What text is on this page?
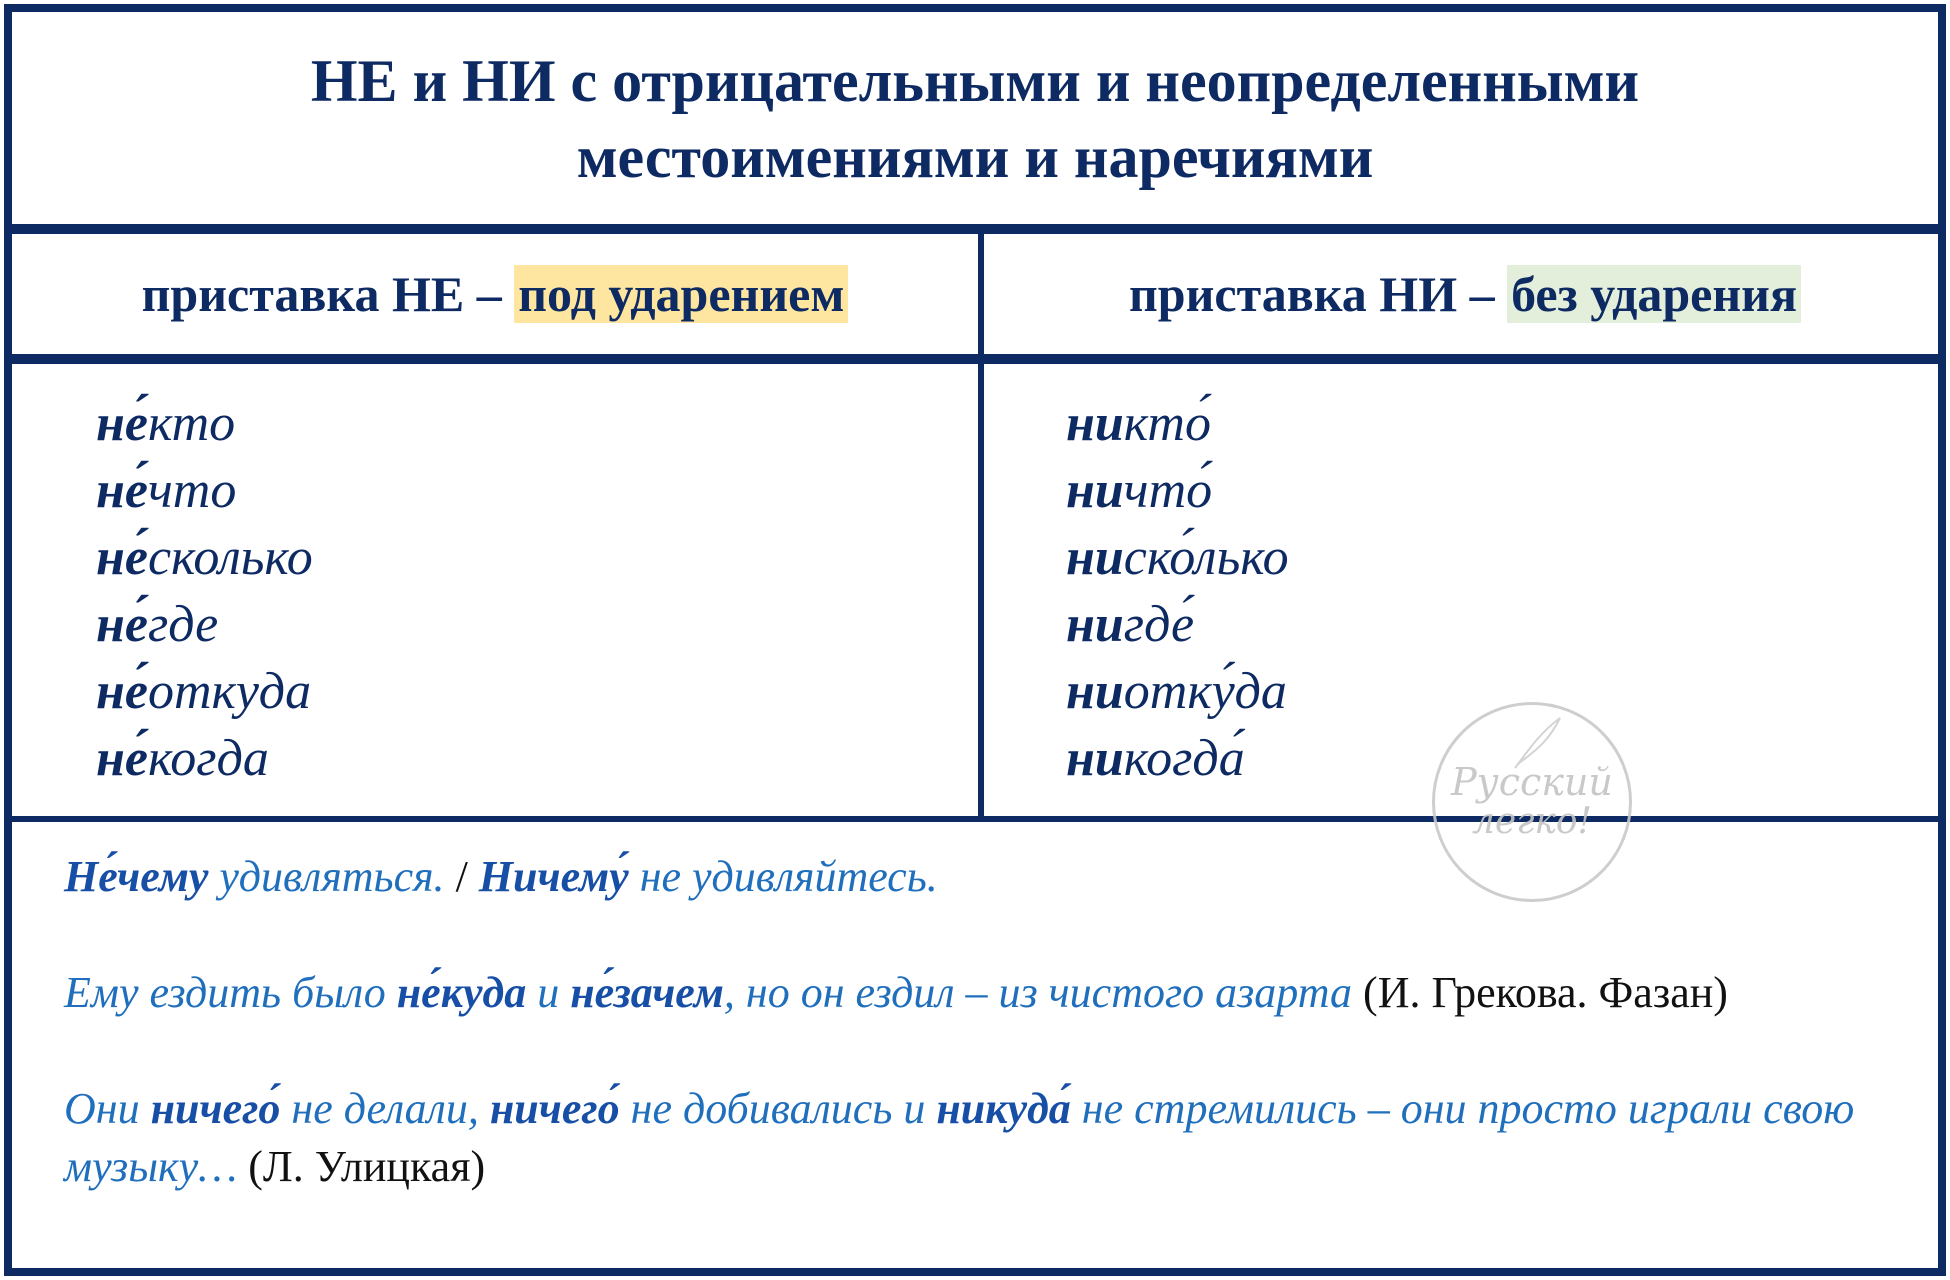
НЕ и НИ с отрицательными и неопределенными
местоимениями и наречиями
приставка НЕ – под ударением	приставка НИ – без ударения
не́кто
не́что
не́сколько
не́где
не́откуда
не́когда
никто́
ничто́
ниско́лько
нигде́
ниотку́да
никогда́	Русский
легко!

Не́чему удивляться. / Ничему́ не удивляйтесь.

Ему ездить было не́куда и не́зачем, но он ездил – из чистого азарта (И. Грекова. Фазан)

Они ничего́ не делали, ничего́ не добивались и никуда́ не стремились – они просто играли свою музыку… (Л. Улицкая)
